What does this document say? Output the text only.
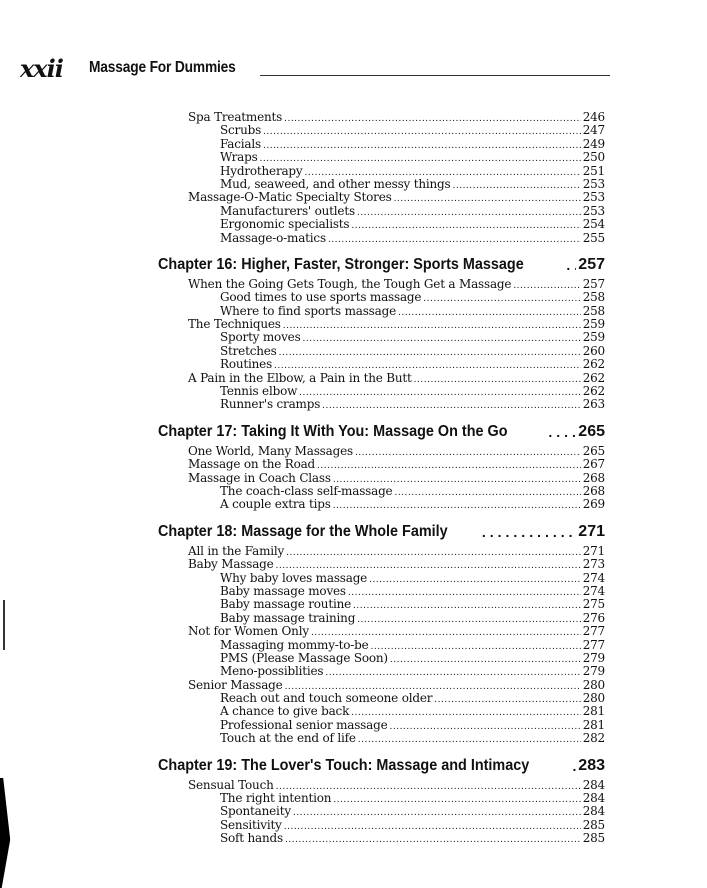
xxii Massage For Dummies
Spa Treatments .....	246
Scrubs .....	247
Facials .....	249
Wraps .....	250
Hydrotherapy .....	251
Mud, seaweed, and other messy things .....	253
Massage-O-Matic Specialty Stores .....	253
Manufacturers' outlets .....	253
Ergonomic specialists .....	254
Massage-o-matics .....	255
Chapter 16: Higher, Faster, Stronger: Sports Massage .....	257
When the Going Gets Tough, the Tough Get a Massage .....	257
Good times to use sports massage .....	258
Where to find sports massage .....	258
The Techniques .....	259
Sporty moves .....	259
Stretches .....	260
Routines .....	262
A Pain in the Elbow, a Pain in the Butt .....	262
Tennis elbow .....	262
Runner's cramps .....	263
Chapter 17: Taking It With You: Massage On the Go .....	265
One World, Many Massages .....	265
Massage on the Road .....	267
Massage in Coach Class .....	268
The coach-class self-massage .....	268
A couple extra tips .....	269
Chapter 18: Massage for the Whole Family .....	271
All in the Family .....	271
Baby Massage .....	273
Why baby loves massage .....	274
Baby massage moves .....	274
Baby massage routine .....	275
Baby massage training .....	276
Not for Women Only .....	277
Massaging mommy-to-be .....	277
PMS (Please Massage Soon) .....	279
Meno-possiblities .....	279
Senior Massage .....	280
Reach out and touch someone older .....	280
A chance to give back .....	281
Professional senior massage .....	281
Touch at the end of life .....	282
Chapter 19: The Lover's Touch: Massage and Intimacy .....	283
Sensual Touch .....	284
The right intention .....	284
Spontaneity .....	284
Sensitivity .....	285
Soft hands .....	285
